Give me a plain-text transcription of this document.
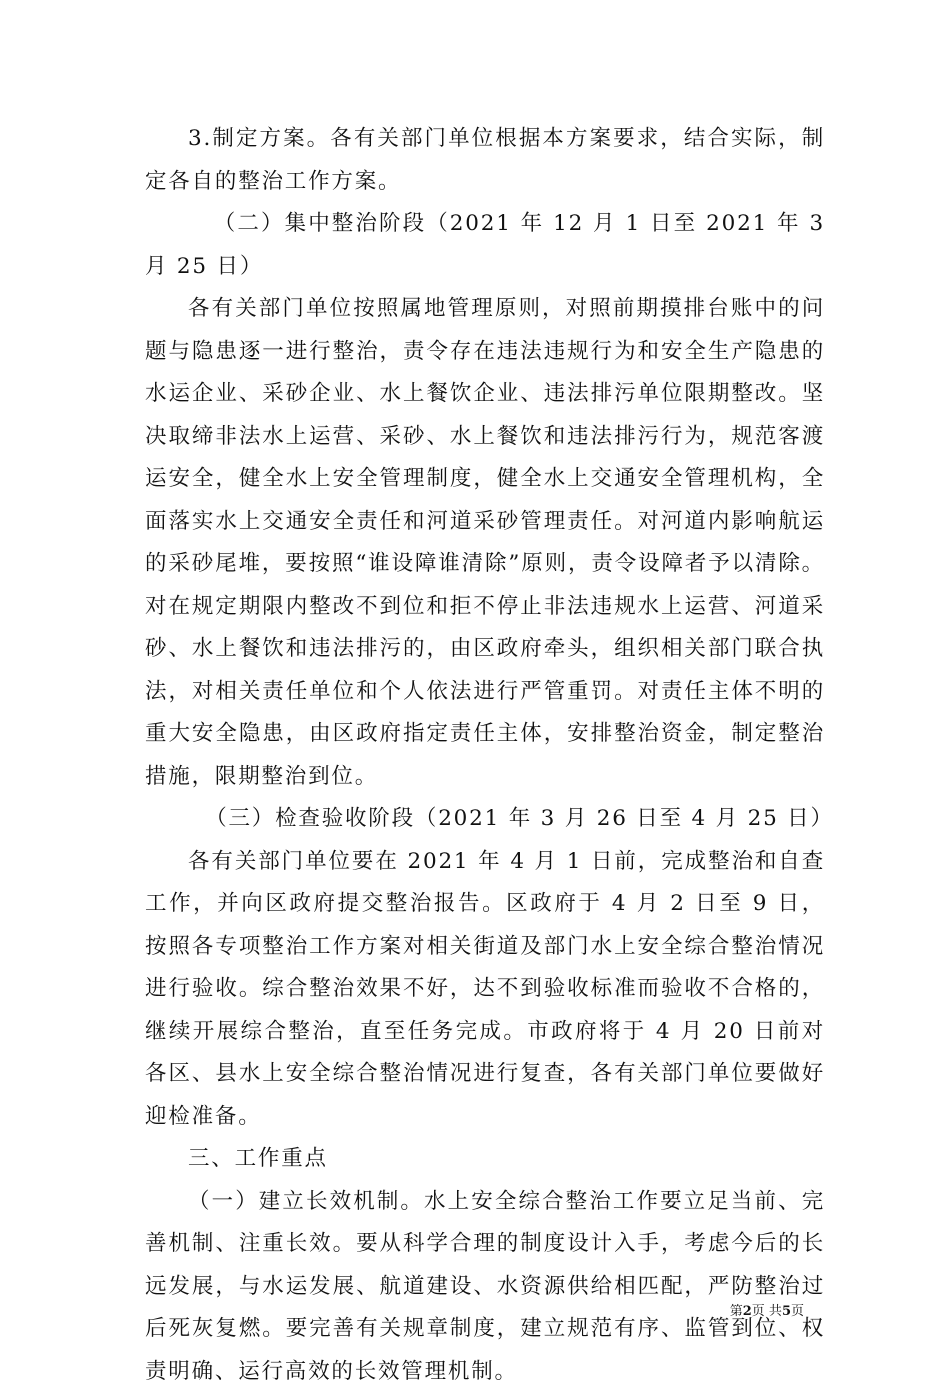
3.制定方案。各有关部门单位根据本方案要求，结合实际，制定各自的整治工作方案。

（二）集中整治阶段（2021 年 12 月 1 日至 2021 年 3 月 25 日）

各有关部门单位按照属地管理原则，对照前期摸排台账中的问题与隐患逐一进行整治，责令存在违法违规行为和安全生产隐患的水运企业、采砂企业、水上餐饮企业、违法排污单位限期整改。坚决取缔非法水上运营、采砂、水上餐饮和违法排污行为，规范客渡运安全，健全水上安全管理制度，健全水上交通安全管理机构，全面落实水上交通安全责任和河道采砂管理责任。对河道内影响航运的采砂尾堆，要按照“谁设障谁清除”原则，责令设障者予以清除。对在规定期限内整改不到位和拒不停止非法违规水上运营、河道采砂、水上餐饮和违法排污的，由区政府牵头，组织相关部门联合执法，对相关责任单位和个人依法进行严管重罚。对责任主体不明的重大安全隐患，由区政府指定责任主体，安排整治资金，制定整治措施，限期整治到位。

（三）检查验收阶段（2021 年 3 月 26 日至 4 月 25 日）

各有关部门单位要在 2021 年 4 月 1 日前，完成整治和自查工作，并向区政府提交整治报告。区政府于 4 月 2 日至 9 日，按照各专项整治工作方案对相关街道及部门水上安全综合整治情况进行验收。综合整治效果不好，达不到验收标准而验收不合格的，继续开展综合整治，直至任务完成。市政府将于 4 月 20 日前对各区、县水上安全综合整治情况进行复查，各有关部门单位要做好迎检准备。

三、工作重点

（一）建立长效机制。水上安全综合整治工作要立足当前、完善机制、注重长效。要从科学合理的制度设计入手，考虑今后的长远发展，与水运发展、航道建设、水资源供给相匹配，严防整治过后死灰复燃。要完善有关规章制度，建立规范有序、监管到位、权责明确、运行高效的长效管理机制。

第2页 共5页
